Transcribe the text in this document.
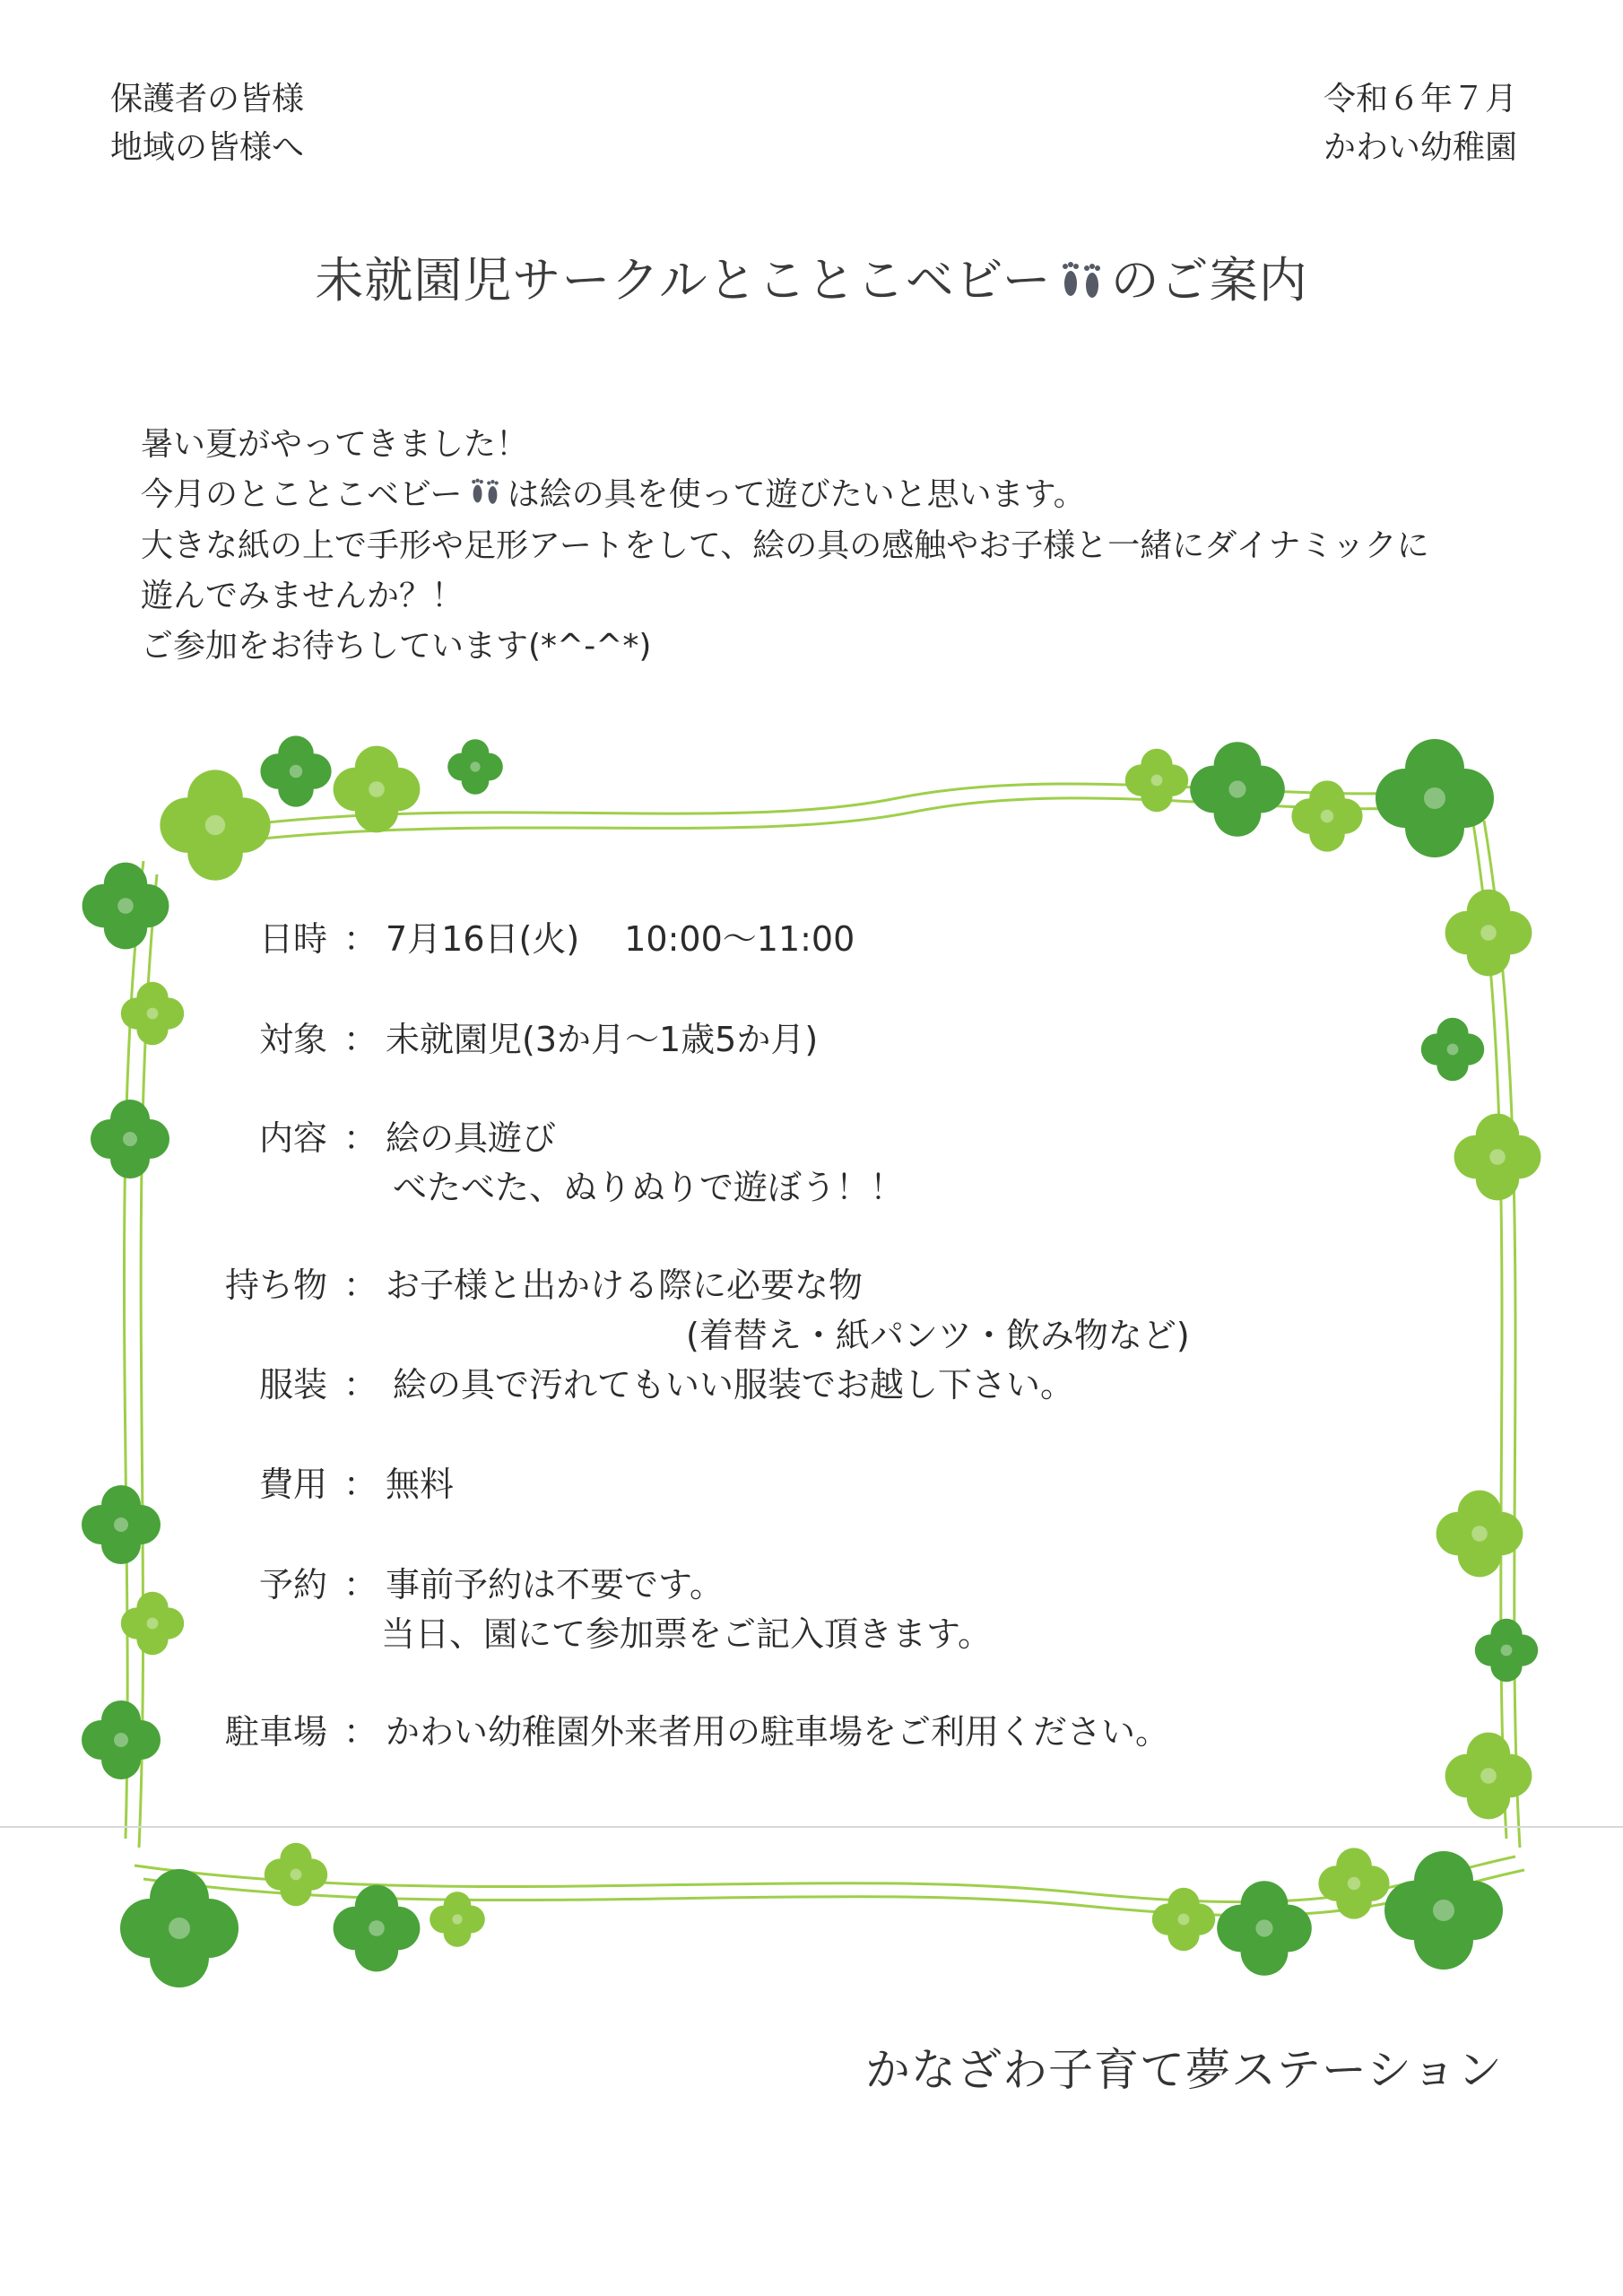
保護者の皆様
地域の皆様へ
令和６年７月
かわい幼稚園
未就園児サークルとことこベビー のご案内

暑い夏がやってきました！

今月のとことこベビー は絵の具を使って遊びたいと思います。

大きな紙の上で手形や足形アートをして、絵の具の感触やお子様と一緒にダイナミックに

遊んでみませんか？！

ご参加をお待ちしています(*^-^*)

日時 ： 7月16日(火)　 10:00～11:00
対象 ： 未就園児(3か月～1歳5か月)
内容 ： 絵の具遊び
べたべた、ぬりぬりで遊ぼう！！
持ち物 ： お子様と出かける際に必要な物
(着替え・紙パンツ・飲み物など)
服装 ： 絵の具で汚れてもいい服装でお越し下さい。
費用 ： 無料
予約 ： 事前予約は不要です。
当日、園にて参加票をご記入頂きます。
駐車場 ： かわい幼稚園外来者用の駐車場をご利用ください。
かなざわ子育て夢ステーション
